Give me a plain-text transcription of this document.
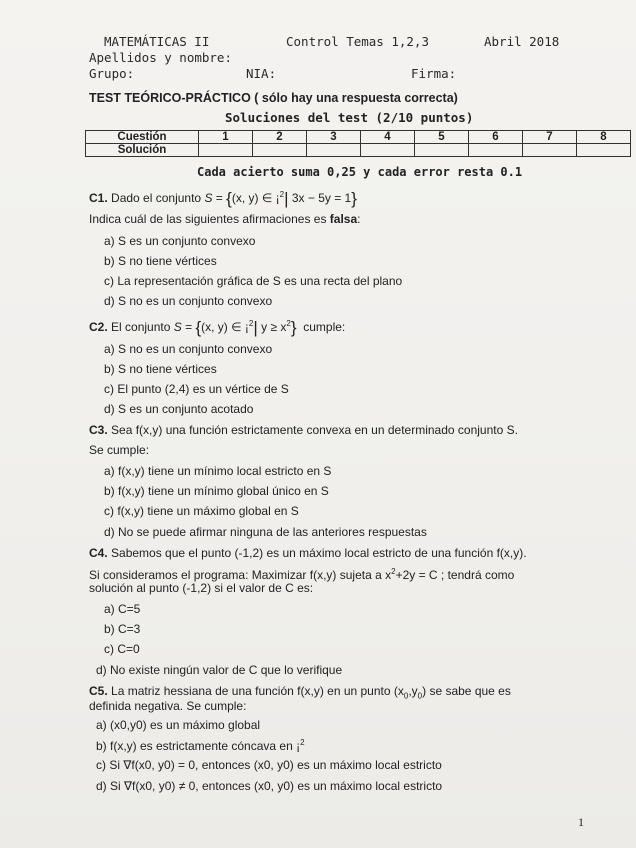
MATEMÁTICAS II	Control Temas 1,2,3	Abril 2018
Apellidos y nombre:
Grupo:	NIA:	Firma:
TEST TEÓRICO-PRÁCTICO ( sólo hay una respuesta correcta)
Soluciones del test (2/10 puntos)
Cuestión	1	2	3	4	5	6	7	8
Solución								
Cada acierto suma 0,25 y cada error resta 0.1
C1. Dado el conjunto S = {(x, y) ∈ ¡$^2$| 3x − 5y = 1}
Indica cuál de las siguientes afirmaciones es falsa:
a) S es un conjunto convexo
b) S no tiene vértices
c) La representación gráfica de S es una recta del plano
d) S no es un conjunto convexo
C2. El conjunto S = {(x, y) ∈ ¡$^2$| $y \ge x^2$} cumple:
a) S no es un conjunto convexo
b) S no tiene vértices
c) El punto (2,4) es un vértice de S
d) S es un conjunto acotado
C3. Sea f(x,y) una función estrictamente convexa en un determinado conjunto S.
Se cumple:
a) f(x,y) tiene un mínimo local estricto en S
b) f(x,y) tiene un mínimo global único en S
c) f(x,y) tiene un máximo global en S
d) No se puede afirmar ninguna de las anteriores respuestas
C4. Sabemos que el punto (-1,2) es un máximo local estricto de una función f(x,y).
Si consideramos el programa: Maximizar f(x,y) sujeta a $x^2+2y = C$ ; tendrá como
solución al punto (-1,2) si el valor de C es:
a) C=5
b) C=3
c) C=0
d) No existe ningún valor de C que lo verifique
C5. La matriz hessiana de una función f(x,y) en un punto $(x_0,y_0)$ se sabe que es
definida negativa. Se cumple:
a) (x0,y0) es un máximo global
b) f(x,y) es estrictamente cóncava en ¡$^2$
c) Si ∇f(x0, y0) = 0, entonces (x0, y0) es un máximo local estricto
d) Si ∇f(x0, y0) ≠ 0, entonces (x0, y0) es un máximo local estricto
1
